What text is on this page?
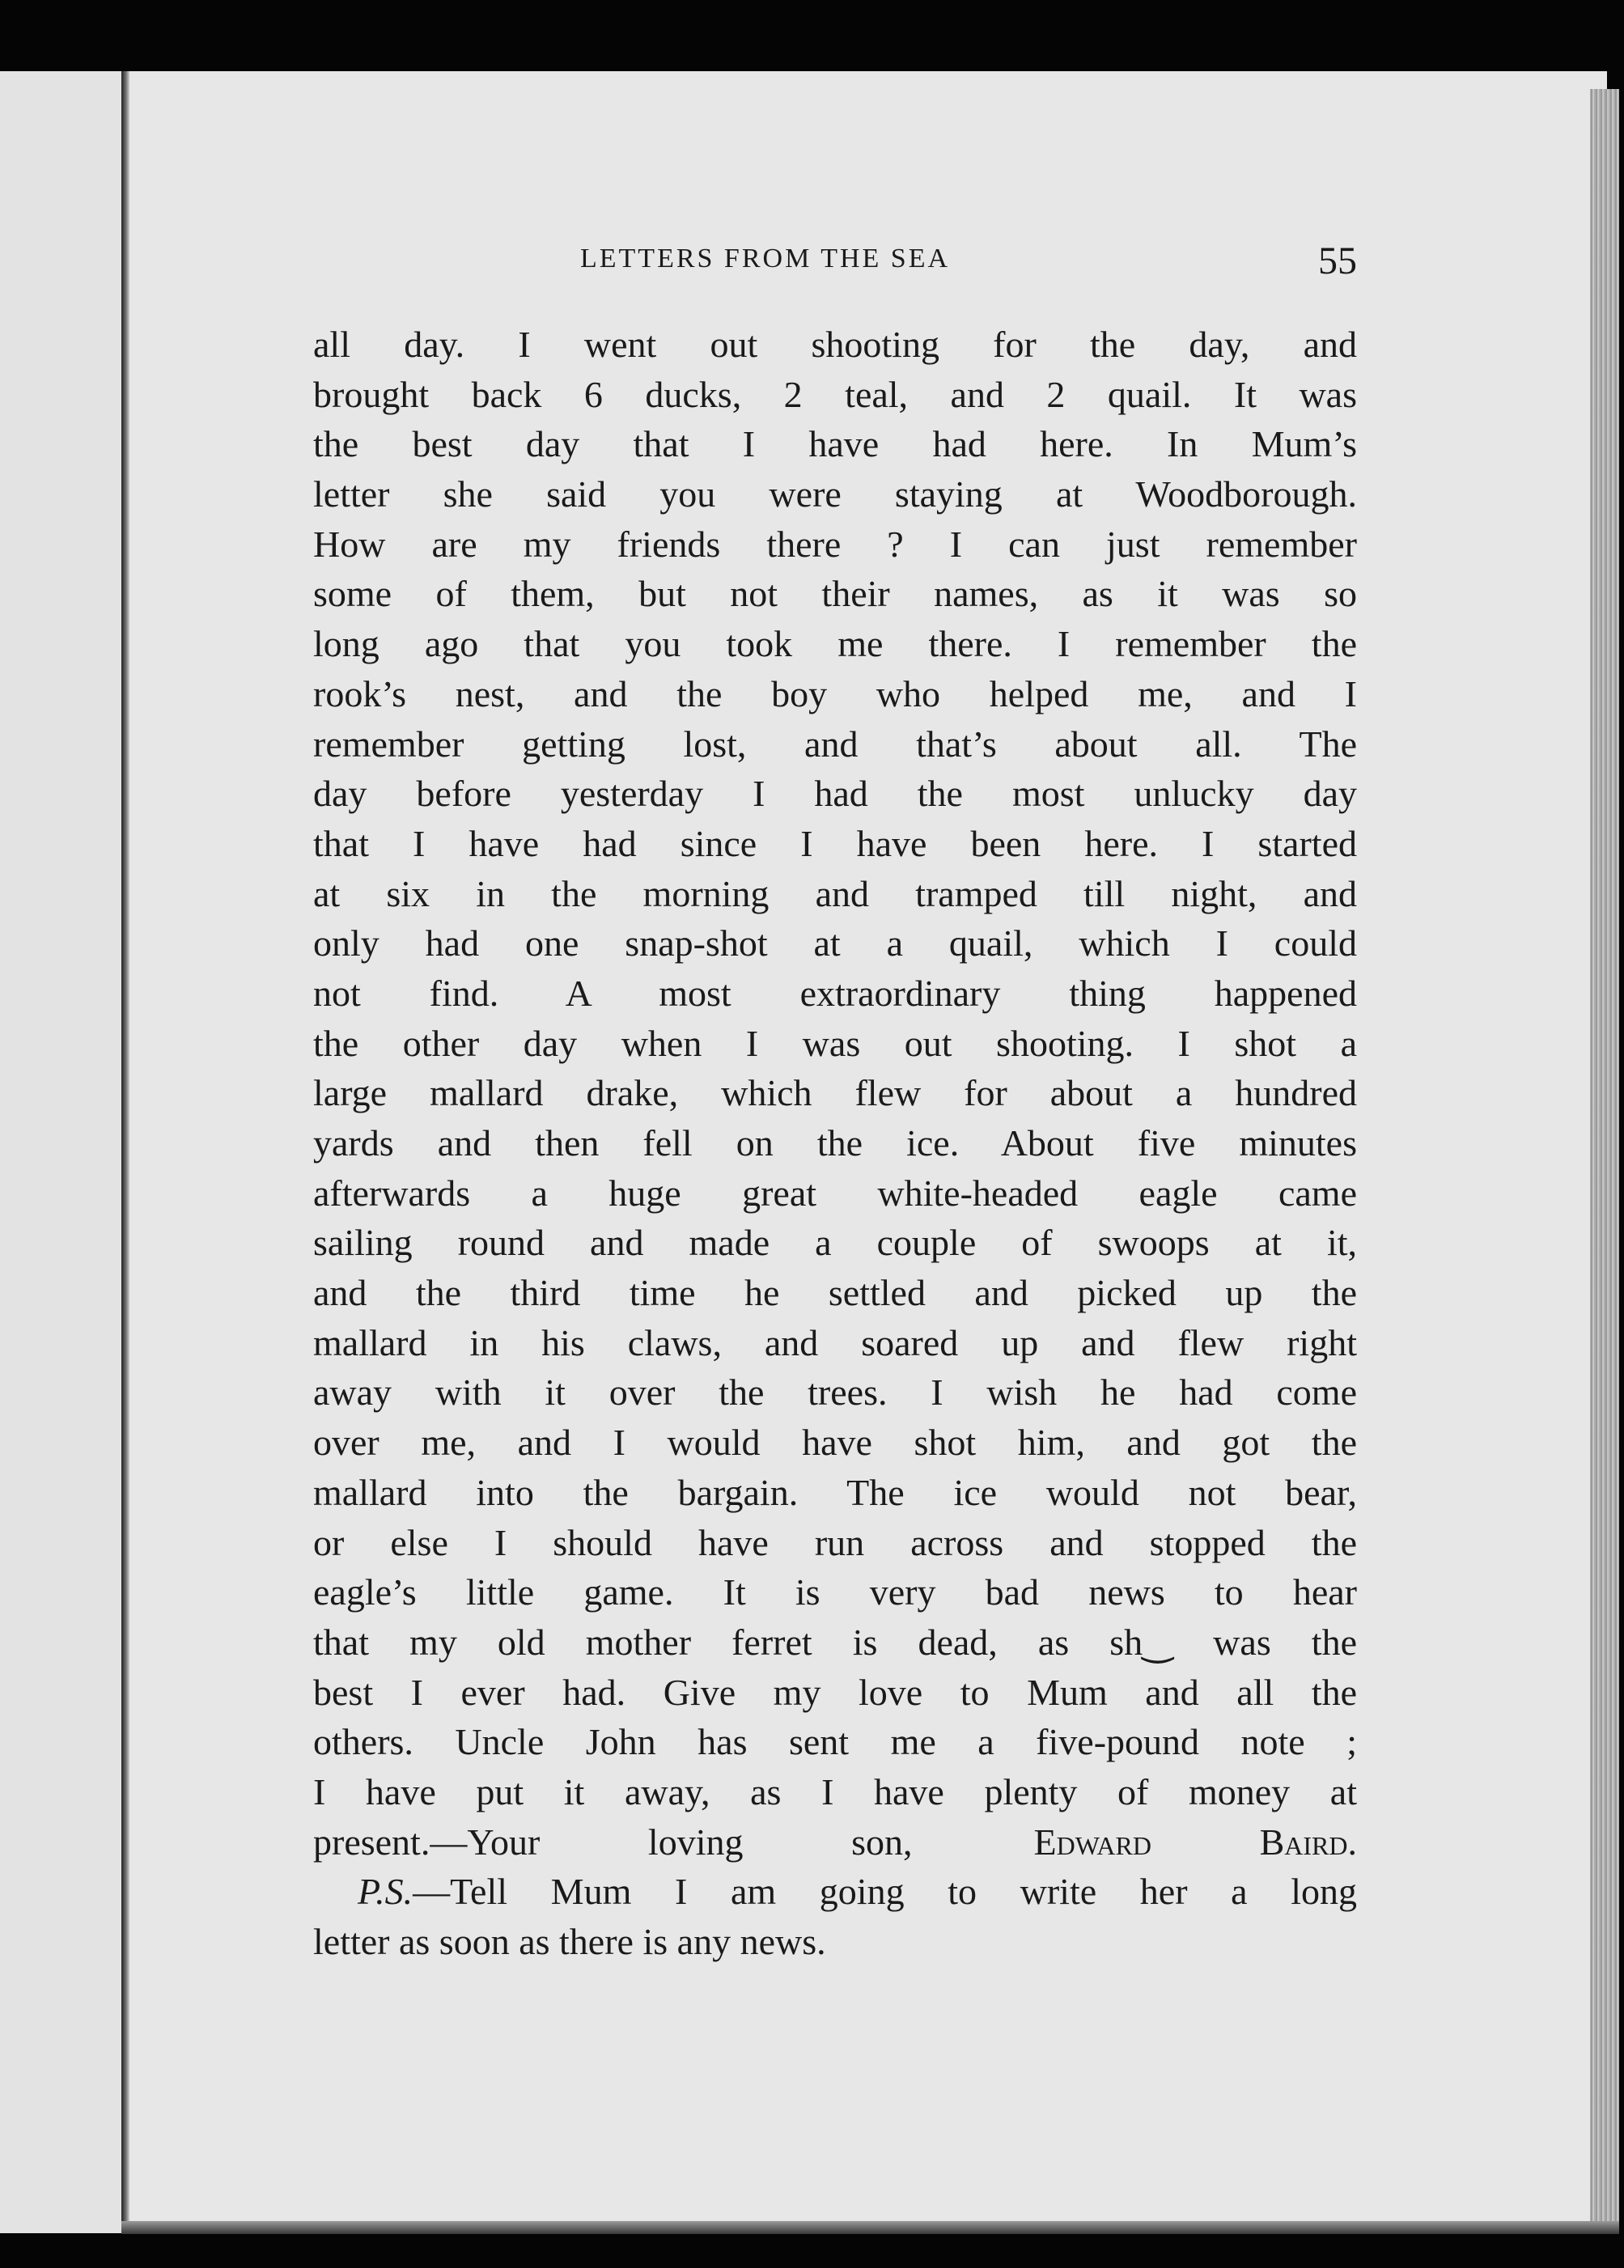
LETTERS FROM THE SEA	55
all day. I went out shooting for the day, and
brought back 6 ducks, 2 teal, and 2 quail. It was
the best day that I have had here. In Mum’s
letter she said you were staying at Woodborough.
How are my friends there ? I can just remember
some of them, but not their names, as it was so
long ago that you took me there. I remember the
rook’s nest, and the boy who helped me, and I
remember getting lost, and that’s about all. The
day before yesterday I had the most unlucky day
that I have had since I have been here. I started
at six in the morning and tramped till night, and
only had one snap-shot at a quail, which I could
not find. A most extraordinary thing happened
the other day when I was out shooting. I shot a
large mallard drake, which flew for about a hundred
yards and then fell on the ice. About five minutes
afterwards a huge great white-headed eagle came
sailing round and made a couple of swoops at it,
and the third time he settled and picked up the
mallard in his claws, and soared up and flew right
away with it over the trees. I wish he had come
over me, and I would have shot him, and got the
mallard into the bargain. The ice would not bear,
or else I should have run across and stopped the
eagle’s little game. It is very bad news to hear
that my old mother ferret is dead, as sh‿ was the
best I ever had. Give my love to Mum and all the
others. Uncle John has sent me a five-pound note ;
I have put it away, as I have plenty of money at
present.—Your loving son,	Edward Baird.
P.S.—Tell Mum I am going to write her a long
letter as soon as there is any news.
